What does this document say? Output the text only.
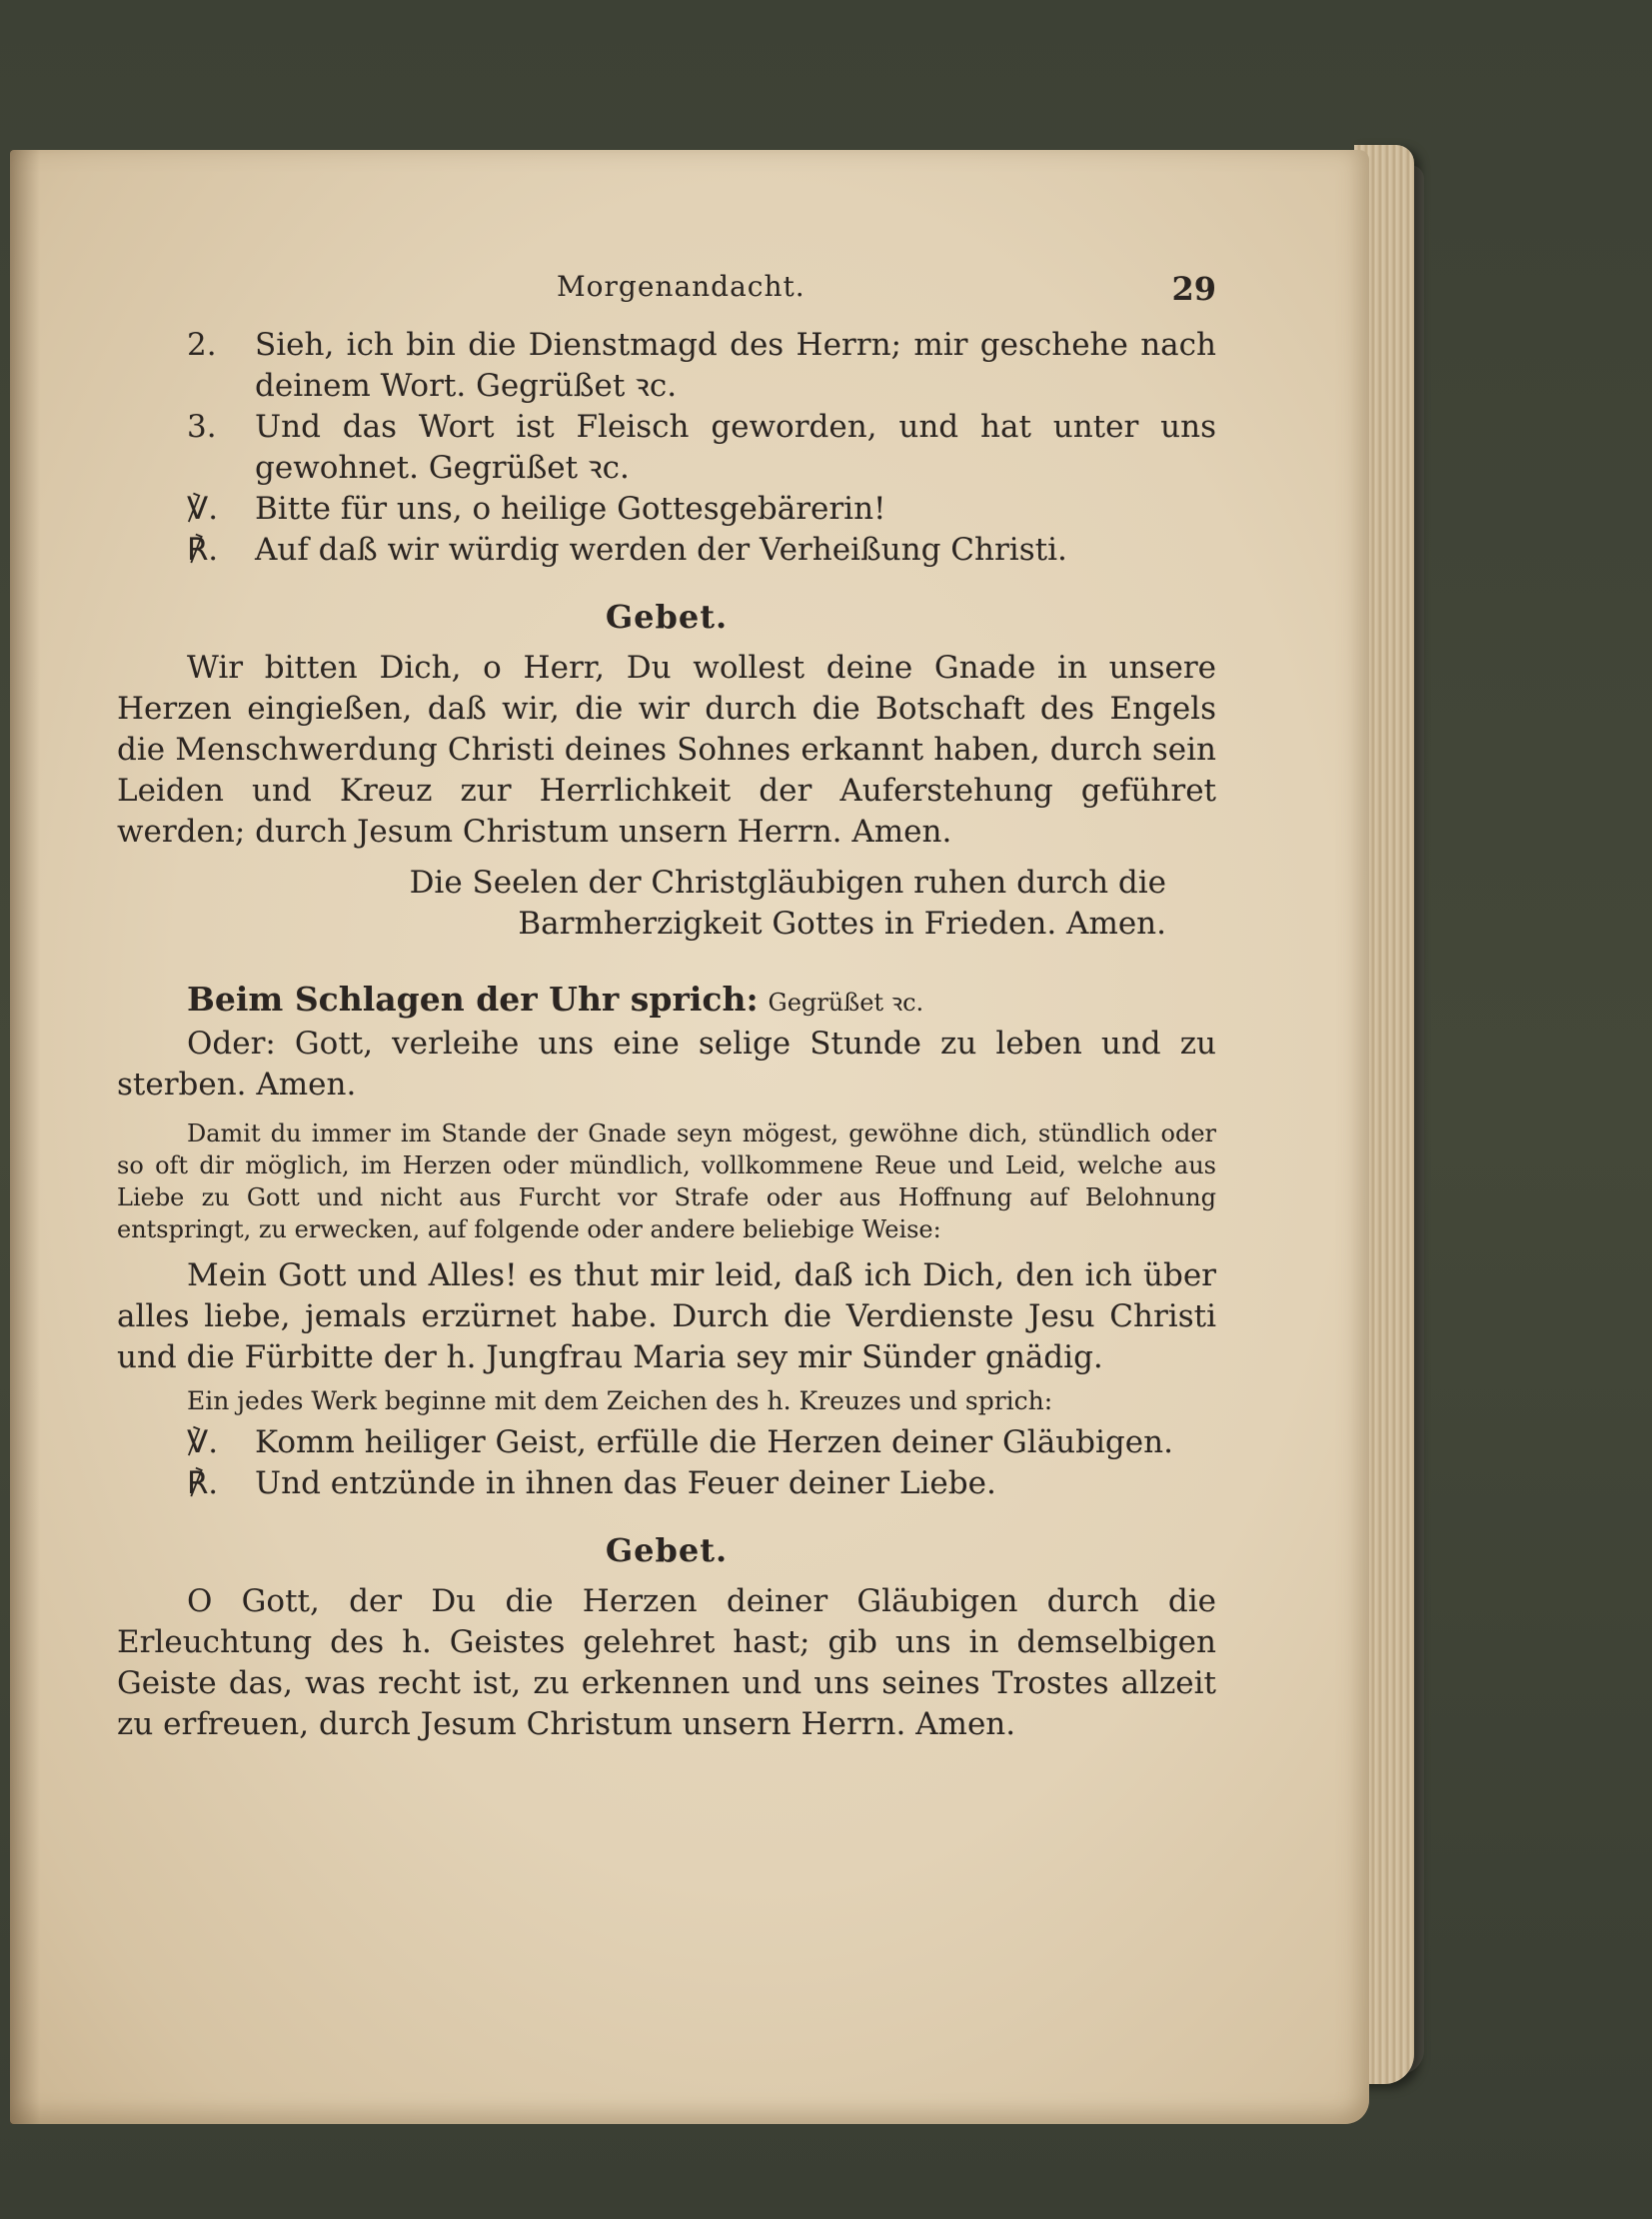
Morgenandacht.	29
2.	Sieh, ich bin die Dienstmagd des Herrn; mir geschehe nach deinem Wort. Gegrüßet ꝛc.
3.	Und das Wort ist Fleisch geworden, und hat unter uns gewohnet. Gegrüßet ꝛc.
℣.	Bitte für uns, o heilige Gottesgebärerin!
℟.	Auf daß wir würdig werden der Verheißung Christi.
Gebet.

Wir bitten Dich, o Herr, Du wollest deine Gnade in unsere Herzen eingießen, daß wir, die wir durch die Botschaft des Engels die Menschwerdung Christi deines Sohnes erkannt haben, durch sein Leiden und Kreuz zur Herrlichkeit der Auferstehung geführet werden; durch Jesum Christum unsern Herrn. Amen.

Die Seelen der Christgläubigen ruhen durch die
Barmherzigkeit Gottes in Frieden. Amen.
Beim Schlagen der Uhr sprich: Gegrüßet ꝛc.

Oder: Gott, verleihe uns eine selige Stunde zu leben und zu sterben. Amen.

Damit du immer im Stande der Gnade seyn mögest, gewöhne dich, stündlich oder so oft dir möglich, im Herzen oder mündlich, vollkommene Reue und Leid, welche aus Liebe zu Gott und nicht aus Furcht vor Strafe oder aus Hoffnung auf Belohnung entspringt, zu erwecken, auf folgende oder andere beliebige Weise:

Mein Gott und Alles! es thut mir leid, daß ich Dich, den ich über alles liebe, jemals erzürnet habe. Durch die Verdienste Jesu Christi und die Fürbitte der h. Jungfrau Maria sey mir Sünder gnädig.

Ein jedes Werk beginne mit dem Zeichen des h. Kreuzes und sprich:

℣.	Komm heiliger Geist, erfülle die Herzen deiner Gläubigen.
℟.	Und entzünde in ihnen das Feuer deiner Liebe.
Gebet.

O Gott, der Du die Herzen deiner Gläubigen durch die Erleuchtung des h. Geistes gelehret hast; gib uns in demselbigen Geiste das, was recht ist, zu erkennen und uns seines Trostes allzeit zu erfreuen, durch Jesum Christum unsern Herrn. Amen.
